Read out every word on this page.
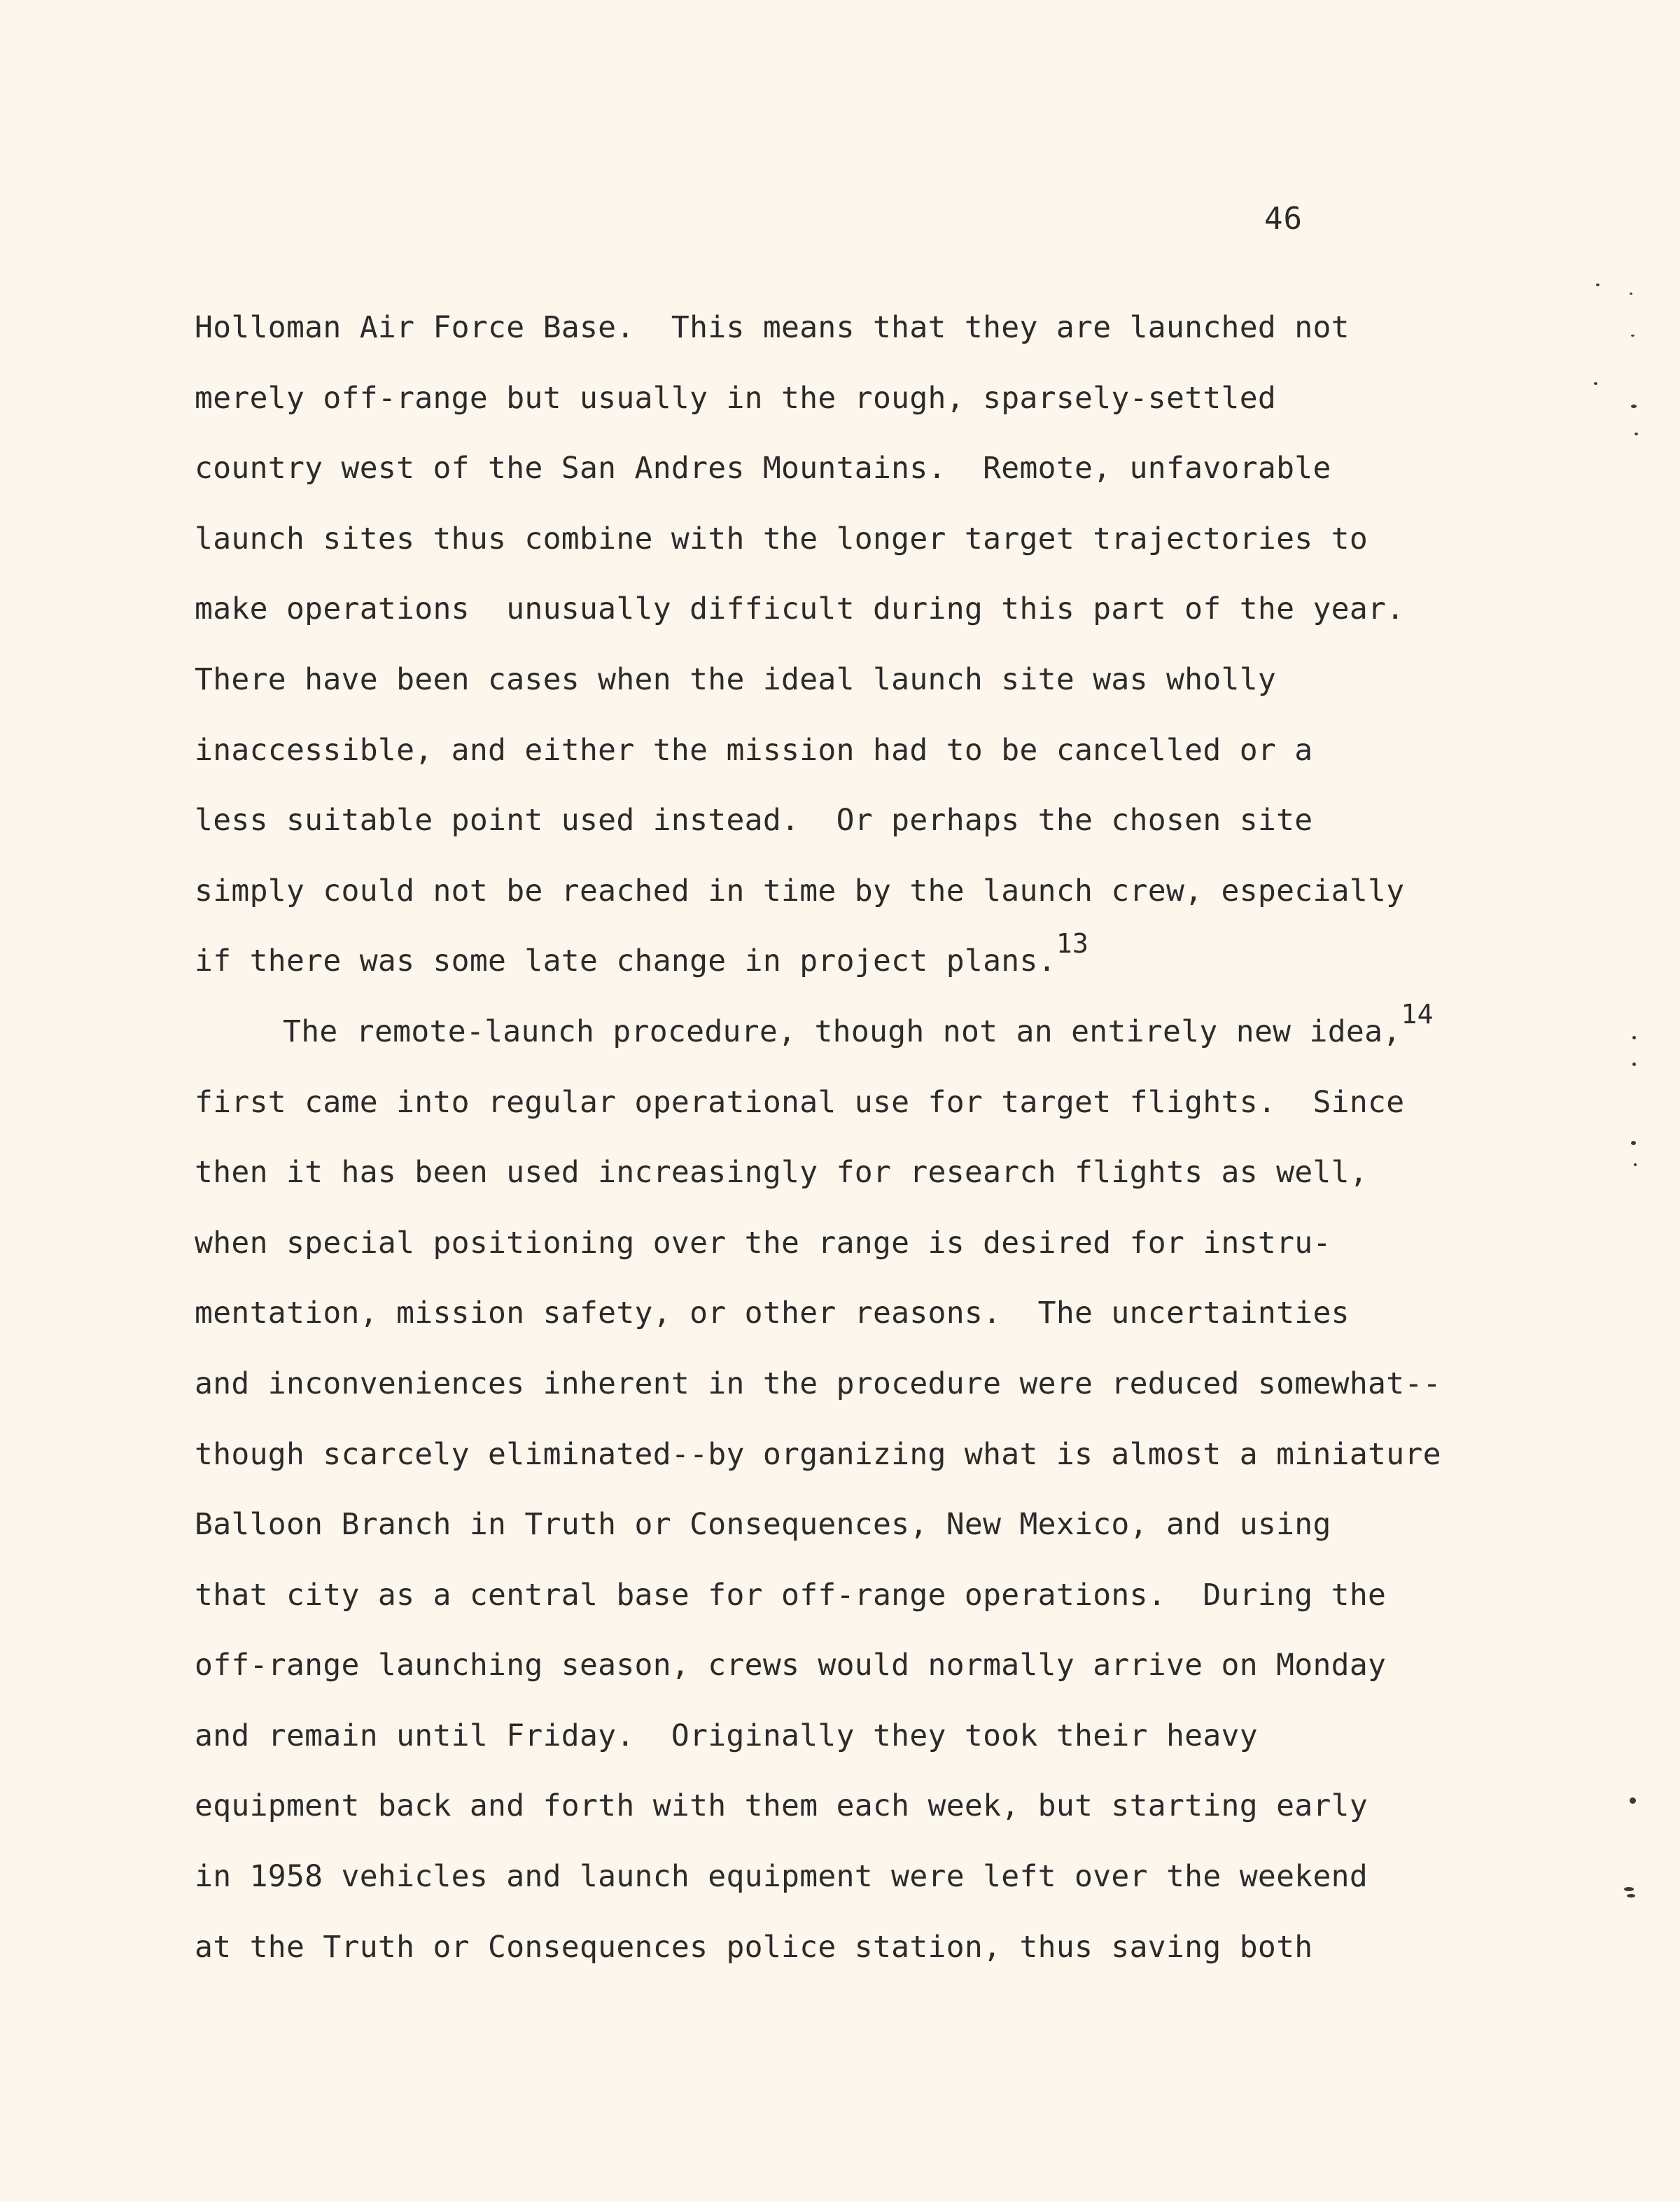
46
Holloman Air Force Base.  This means that they are launched not
merely off-range but usually in the rough, sparsely-settled
country west of the San Andres Mountains.  Remote, unfavorable
launch sites thus combine with the longer target trajectories to
make operations  unusually difficult during this part of the year.
There have been cases when the ideal launch site was wholly
inaccessible, and either the mission had to be cancelled or a
less suitable point used instead.  Or perhaps the chosen site
simply could not be reached in time by the launch crew, especially
if there was some late change in project plans.13
The remote-launch procedure, though not an entirely new idea,14
first came into regular operational use for target flights.  Since
then it has been used increasingly for research flights as well,
when special positioning over the range is desired for instru-
mentation, mission safety, or other reasons.  The uncertainties
and inconveniences inherent in the procedure were reduced somewhat--
though scarcely eliminated--by organizing what is almost a miniature
Balloon Branch in Truth or Consequences, New Mexico, and using
that city as a central base for off-range operations.  During the
off-range launching season, crews would normally arrive on Monday
and remain until Friday.  Originally they took their heavy
equipment back and forth with them each week, but starting early
in 1958 vehicles and launch equipment were left over the weekend
at the Truth or Consequences police station, thus saving both
